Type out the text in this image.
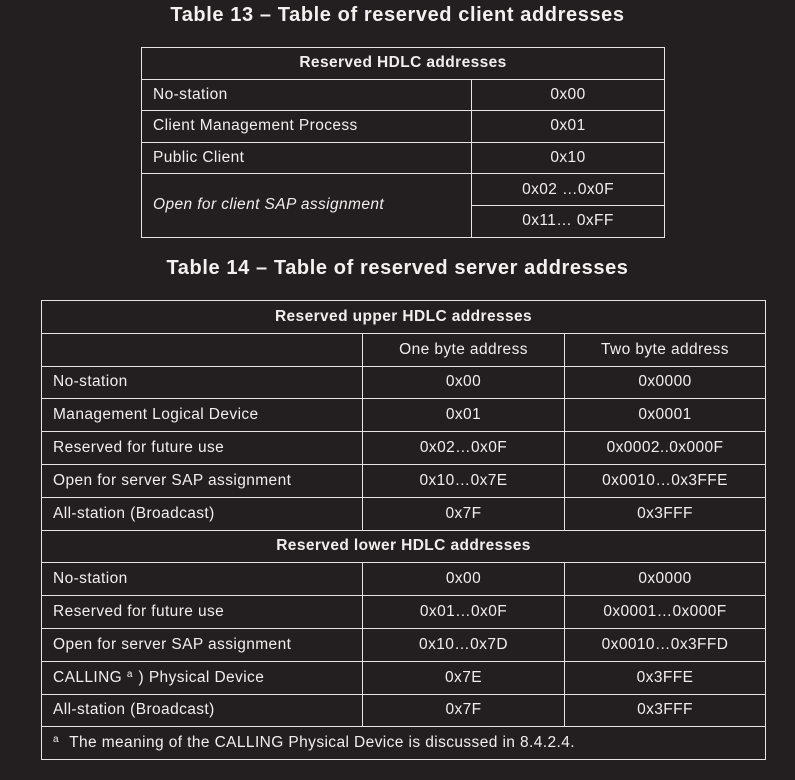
Table 13 – Table of reserved client addresses
Reserved HDLC addresses	
No-station	0x00
Client Management Process	0x01
Public Client	0x10
Open for client SAP assignment	0x02 …0x0F
	0x11… 0xFF
Table 14 – Table of reserved server addresses
Reserved upper HDLC addresses		
	One byte address	Two byte address
No-station	0x00	0x0000
Management Logical Device	0x01	0x0001
Reserved for future use	0x02…0x0F	0x0002..0x000F
Open for server SAP assignment	0x10…0x7E	0x0010…0x3FFE
All-station (Broadcast)	0x7F	0x3FFF
Reserved lower HDLC addresses		
No-station	0x00	0x0000
Reserved for future use	0x01…0x0F	0x0001…0x000F
Open for server SAP assignment	0x10…0x7D	0x0010…0x3FFD
CALLING $^a$ ) Physical Device	0x7E	0x3FFE
All-station (Broadcast)	0x7F	0x3FFF
$^a$ The meaning of the CALLING Physical Device is discussed in 8.4.2.4.		
